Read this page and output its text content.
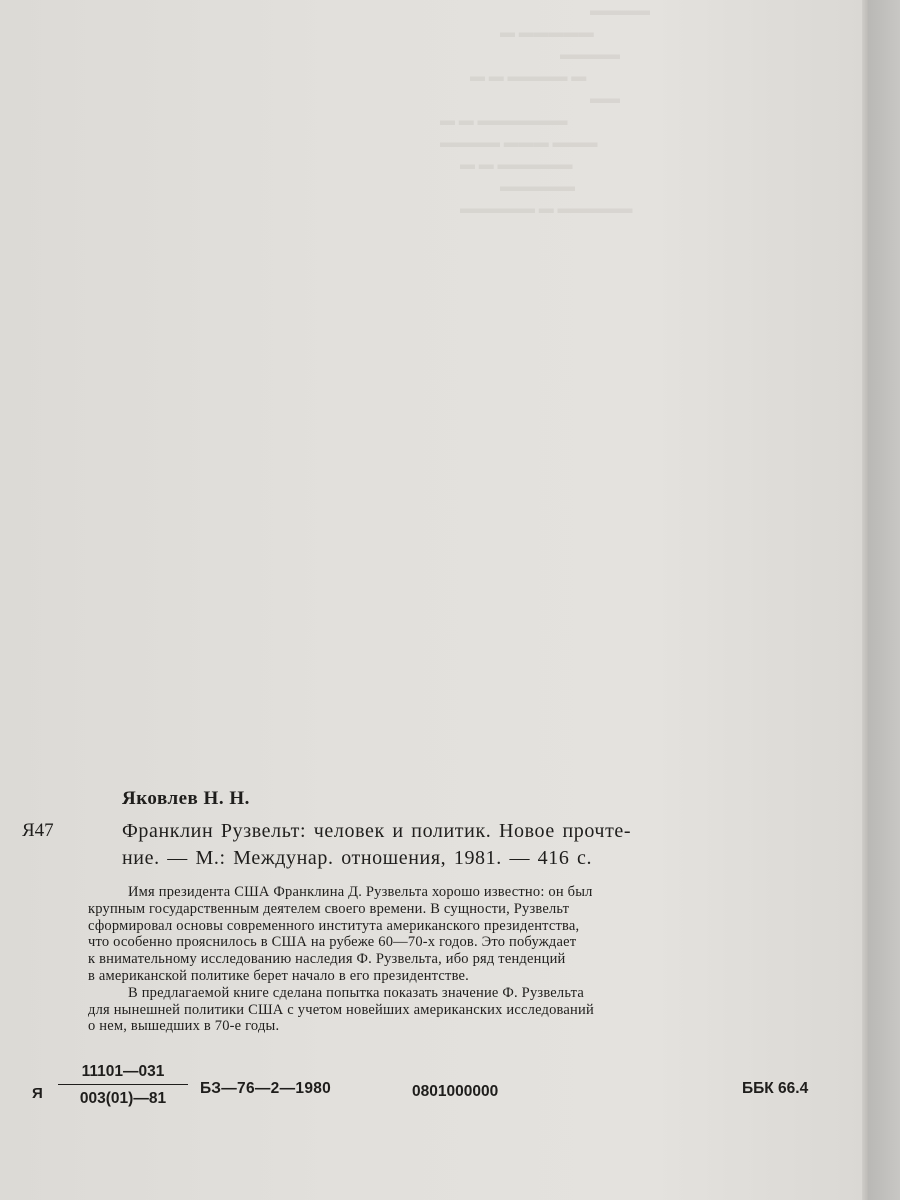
▬▬▬▬
▬ ▬▬▬▬▬
▬▬▬▬
▬ ▬ ▬▬▬▬ ▬
▬▬
▬ ▬ ▬▬▬▬▬▬
▬▬▬▬ ▬▬▬ ▬▬▬
▬ ▬ ▬▬▬▬▬
▬▬▬▬▬
▬▬▬▬▬ ▬ ▬▬▬▬▬
Яковлев Н. Н.
Я47	Франклин Рузвельт: человек и политик. Новое прочте-
ние. — М.: Междунар. отношения, 1981. — 416 с.
Имя президента США Франклина Д. Рузвельта хорошо известно: он был
крупным государственным деятелем своего времени. В сущности, Рузвельт
сформировал основы современного института американского президентства,
что особенно прояснилось в США на рубеже 60—70-х годов. Это побуждает
к внимательному исследованию наследия Ф. Рузвельта, ибо ряд тенденций
в американской политике берет начало в его президентстве.
В предлагаемой книге сделана попытка показать значение Ф. Рузвельта
для нынешней политики США с учетом новейших американских исследований
о нем, вышедших в 70-е годы.
Я
11101—031
003(01)—81
БЗ—76—2—1980	0801000000	ББК 66.4
